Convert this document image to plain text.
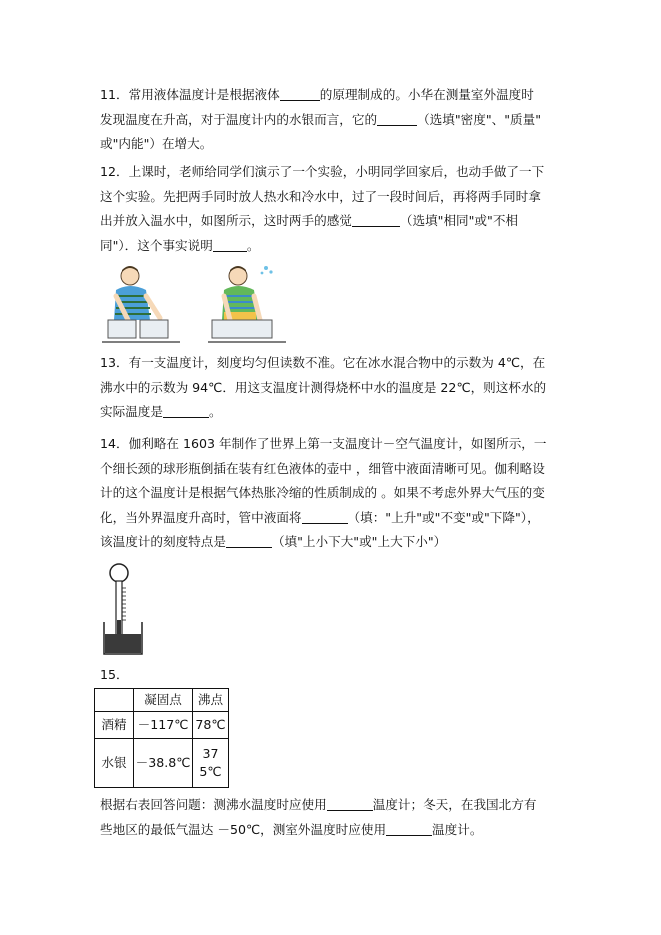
11．常用液体温度计是根据液体	的原理制成的。小华在测量室外温度时

发现温度在升高，对于温度计内的水银而言，它的	（选填"密度"、"质量"

或"内能"）在增大。

12．上课时，老师给同学们演示了一个实验，小明同学回家后，也动手做了一下

这个实验。先把两手同时放人热水和冷水中，过了一段时间后，再将两手同时拿

出并放入温水中，如图所示，这时两手的感觉	（选填"相同"或"不相

同"）．这个事实说明	。

13．有一支温度计，刻度均匀但读数不准。它在冰水混合物中的示数为 4℃，在

沸水中的示数为 94℃．用这支温度计测得烧杯中水的温度是 22℃，则这杯水的

实际温度是	。

14．伽利略在 1603 年制作了世界上第一支温度计－空气温度计，如图所示，一

个细长颈的球形瓶倒插在装有红色液体的壶中 ，细管中液面清晰可见。伽利略设

计的这个温度计是根据气体热胀冷缩的性质制成的 。如果不考虑外界大气压的变

化，当外界温度升高时，管中液面将	（填："上升"或"不变"或"下降"），

该温度计的刻度特点是	（填"上小下大"或"上大下小"）

15．

	凝固点	沸点
酒精	－117℃	78℃
水银	－38.8℃	375℃

根据右表回答问题：测沸水温度时应使用	温度计；冬天，在我国北方有

些地区的最低气温达 －50℃，测室外温度时应使用	温度计。
